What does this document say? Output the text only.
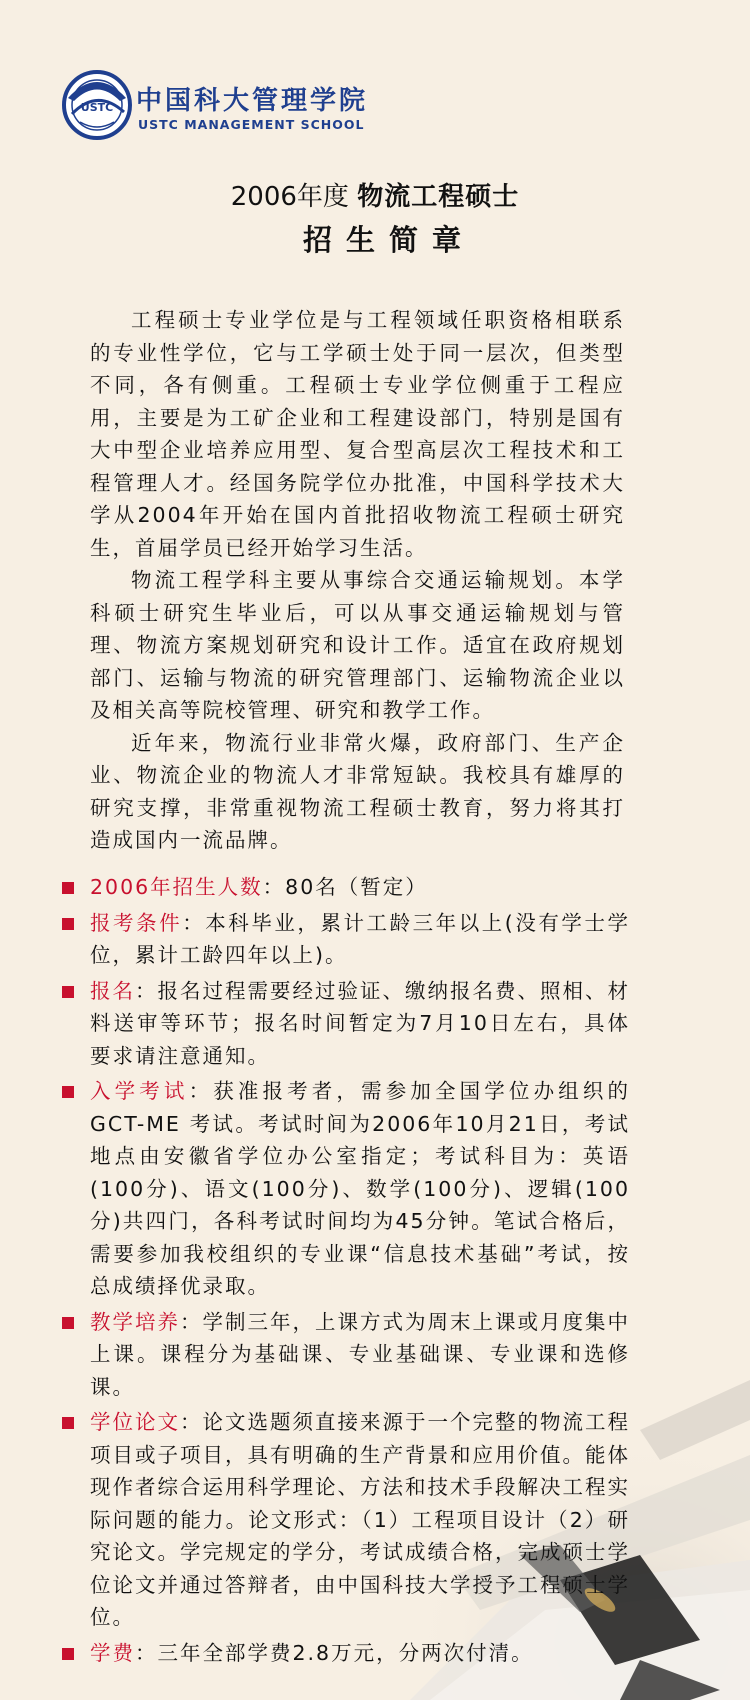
USTC 中国科大管理学院
USTC MANAGEMENT SCHOOL
2006年度 物流工程硕士
招生简章

工程硕士专业学位是与工程领域任职资格相联系的专业性学位，它与工学硕士处于同一层次，但类型不同，各有侧重。工程硕士专业学位侧重于工程应用，主要是为工矿企业和工程建设部门，特别是国有大中型企业培养应用型、复合型高层次工程技术和工程管理人才。经国务院学位办批准，中国科学技术大学从2004年开始在国内首批招收物流工程硕士研究生，首届学员已经开始学习生活。

物流工程学科主要从事综合交通运输规划。本学科硕士研究生毕业后，可以从事交通运输规划与管理、物流方案规划研究和设计工作。适宜在政府规划部门、运输与物流的研究管理部门、运输物流企业以及相关高等院校管理、研究和教学工作。

近年来，物流行业非常火爆，政府部门、生产企业、物流企业的物流人才非常短缺。我校具有雄厚的研究支撑，非常重视物流工程硕士教育，努力将其打造成国内一流品牌。

2006年招生人数：80名（暂定）
报考条件：本科毕业，累计工龄三年以上(没有学士学位，累计工龄四年以上)。
报名：报名过程需要经过验证、缴纳报名费、照相、材料送审等环节；报名时间暂定为7月10日左右，具体要求请注意通知。
入学考试：获准报考者，需参加全国学位办组织的 GCT-ME 考试。考试时间为2006年10月21日，考试地点由安徽省学位办公室指定；考试科目为：英语(100分)、语文(100分)、数学(100分)、逻辑(100分)共四门，各科考试时间均为45分钟。笔试合格后，需要参加我校组织的专业课“信息技术基础”考试，按总成绩择优录取。
教学培养：学制三年，上课方式为周末上课或月度集中上课。课程分为基础课、专业基础课、专业课和选修课。
学位论文：论文选题须直接来源于一个完整的物流工程项目或子项目，具有明确的生产背景和应用价值。能体现作者综合运用科学理论、方法和技术手段解决工程实际问题的能力。论文形式：（1）工程项目设计（2）研究论文。学完规定的学分，考试成绩合格，完成硕士学位论文并通过答辩者，由中国科技大学授予工程硕士学位。
学费：三年全部学费2.8万元，分两次付清。
